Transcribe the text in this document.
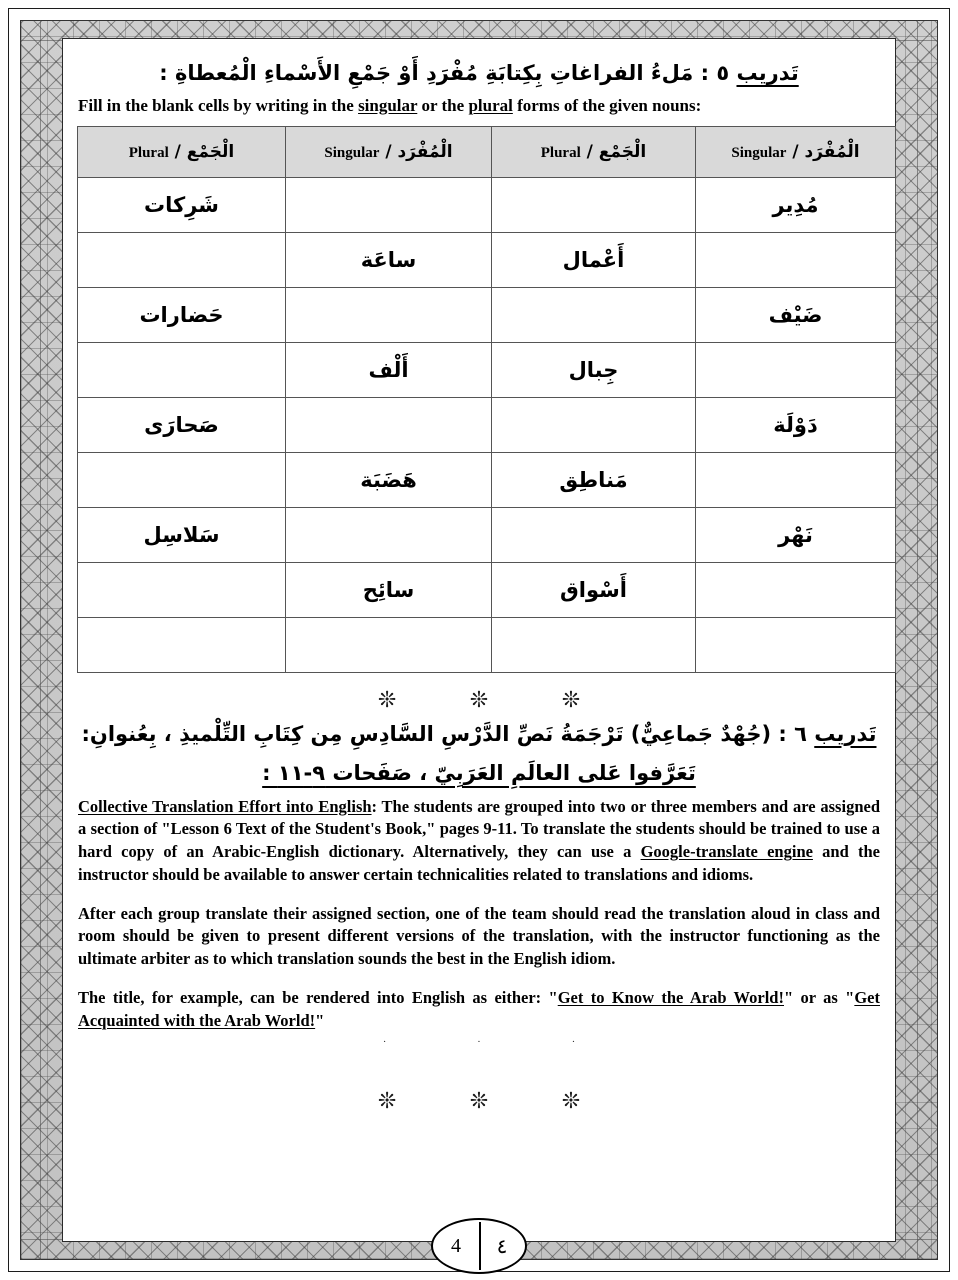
تَدريب ٥ : مَلءُ الفراغاتِ بِكِتابَةِ مُفْرَدِ أَوْ جَمْعِ الأَسْماءِ الْمُعطاةِ :
Fill in the blank cells by writing in the singular or the plural forms of the given nouns:
Plural / الْجَمْع	Singular / الْمُفْرَد	Plural / الْجَمْع	Singular / الْمُفْرَد
شَرِكات			مُدِير
	ساعَة	أَعْمال	
حَضارات			ضَيْف
	أَلْف	جِبال	
صَحارَى			دَوْلَة
	هَضَبَة	مَناطِق	
سَلاسِل			نَهْر
	سائِح	أَسْواق	

❊ ❊ ❊
تَدريب ٦ : (جُهْدٌ جَماعِيٌّ) تَرْجَمَةُ نَصِّ الدَّرْسِ السَّادِسِ مِن كِتَابِ التِّلْميذِ ، بِعُنوانِ:
تَعَرَّفوا عَلى العالَمِ العَرَبِيّ ، صَفَحات ٩-١١ :

Collective Translation Effort into English: The students are grouped into two or three members and are assigned a section of "Lesson 6 Text of the Student's Book," pages 9-11. To translate the students should be trained to use a hard copy of an Arabic-English dictionary. Alternatively, they can use a Google-translate engine and the instructor should be available to answer certain technicalities related to translations and idioms.

After each group translate their assigned section, one of the team should read the translation aloud in class and room should be given to present different versions of the translation, with the instructor functioning as the ultimate arbiter as to which translation sounds the best in the English idiom.

The title, for example, can be rendered into English as either: "Get to Know the Arab World!" or as "Get Acquainted with the Arab World!"

· · ·
❊ ❊ ❊
4	٤
